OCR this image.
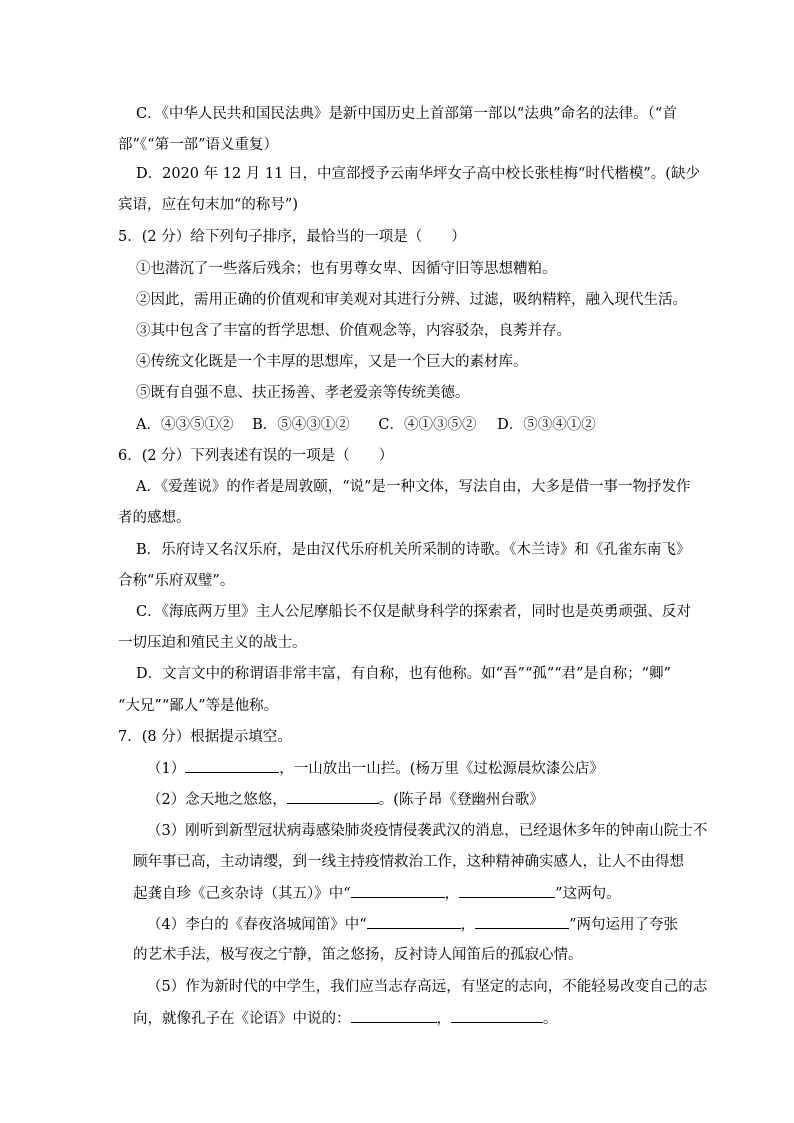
C．《中华人民共和国民法典》是新中国历史上首部第一部以“法典”命名的法律。（“首
部”《“第一部”语义重复）
D．2020 年 12 月 11 日，中宣部授予云南华坪女子高中校长张桂梅“时代楷模”。(缺少
宾语，应在句末加“的称号”)
5．(2 分）给下列句子排序，最恰当的一项是（　　）
①也潜沉了一些落后残余；也有男尊女卑、因循守旧等思想糟粕。
②因此，需用正确的价值观和审美观对其进行分辨、过滤，吸纳精粹，融入现代生活。
③其中包含了丰富的哲学思想、价值观念等，内容驳杂，良莠并存。
④传统文化既是一个丰厚的思想库，又是一个巨大的素材库。
⑤既有自强不息、扶正扬善、孝老爱亲等传统美德。
A．④③⑤①② B．⑤④③①② C．④①③⑤② D．⑤③④①②
6．(2 分）下列表述有误的一项是（　　）
A．《爱莲说》的作者是周敦颐，“说”是一种文体，写法自由，大多是借一事一物抒发作
者的感想。
B．乐府诗又名汉乐府，是由汉代乐府机关所采制的诗歌。《木兰诗》和《孔雀东南飞》
合称“乐府双璧”。
C．《海底两万里》主人公尼摩船长不仅是献身科学的探索者，同时也是英勇顽强、反对
一切压迫和殖民主义的战士。
D．文言文中的称谓语非常丰富，有自称，也有他称。如“吾”“孤”“君”是自称；“卿”
“大兄”“鄙人”等是他称。
7．(8 分）根据提示填空。
（1）	，一山放出一山拦。(杨万里《过松源晨炊漆公店》
（2）念天地之悠悠，	。(陈子昂《登幽州台歌》
（3）刚听到新型冠状病毒感染肺炎疫情侵袭武汉的消息，已经退休多年的钟南山院士不
顾年事已高，主动请缨，到一线主持疫情救治工作，这种精神确实感人，让人不由得想
起龚自珍《己亥杂诗（其五）》中“	，	”这两句。
（4）李白的《春夜洛城闻笛》中“	，	”两句运用了夸张
的艺术手法，极写夜之宁静，笛之悠扬，反衬诗人闻笛后的孤寂心情。
（5）作为新时代的中学生，我们应当志存高远，有坚定的志向，不能轻易改变自己的志
向，就像孔子在《论语》中说的：	，	。
